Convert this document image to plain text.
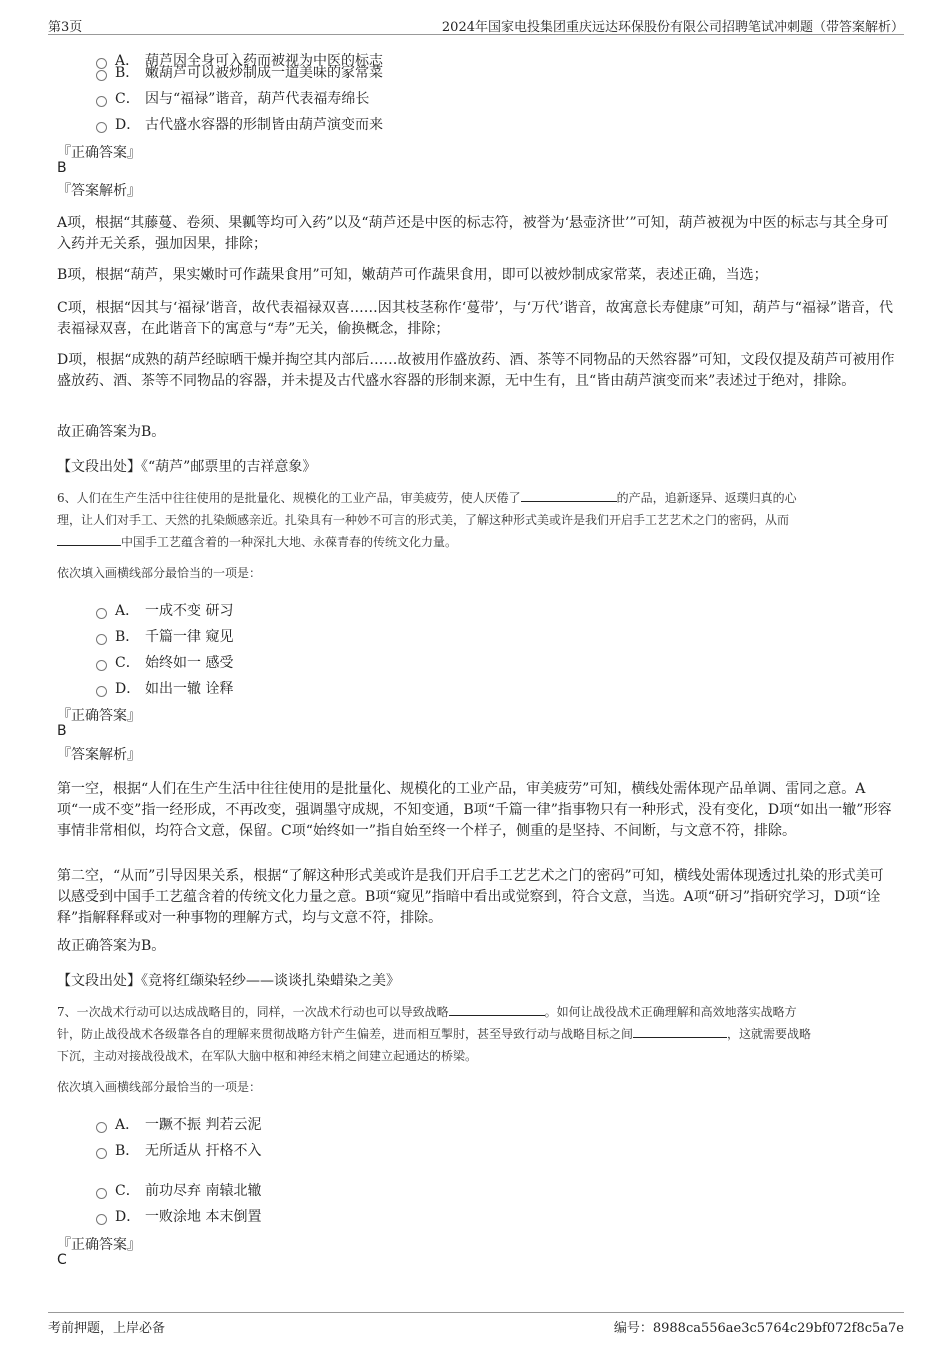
第3页	2024年国家电投集团重庆远达环保股份有限公司招聘笔试冲刺题（带答案解析）
A． 葫芦因全身可入药而被视为中医的标志
B． 嫩葫芦可以被炒制成一道美味的家常菜
C． 因与“福禄”谐音，葫芦代表福寿绵长
D． 古代盛水容器的形制皆由葫芦演变而来
『正确答案』
B
『答案解析』
A项，根据“其藤蔓、卷须、果瓤等均可入药”以及“葫芦还是中医的标志符，被誉为‘悬壶济世’”可知，葫芦被视为中医的标志与其全身可入药并无关系，强加因果，排除；
B项，根据“葫芦，果实嫩时可作蔬果食用”可知，嫩葫芦可作蔬果食用，即可以被炒制成家常菜，表述正确，当选；
C项，根据“因其与‘福禄’谐音，故代表福禄双喜……因其枝茎称作‘蔓带’，与‘万代’谐音，故寓意长寿健康”可知，葫芦与“福禄”谐音，代表福禄双喜，在此谐音下的寓意与“寿”无关，偷换概念，排除；
D项，根据“成熟的葫芦经晾晒干燥并掏空其内部后……故被用作盛放药、酒、茶等不同物品的天然容器”可知，文段仅提及葫芦可被用作盛放药、酒、茶等不同物品的容器，并未提及古代盛水容器的形制来源，无中生有，且“皆由葫芦演变而来”表述过于绝对，排除。
故正确答案为B。
【文段出处】《“葫芦”邮票里的吉祥意象》
6、人们在生产生活中往往使用的是批量化、规模化的工业产品，审美疲劳，使人厌倦了	的产品，追新逐异、返璞归真的心
理，让人们对手工、天然的扎染颇感亲近。扎染具有一种妙不可言的形式美，了解这种形式美或许是我们开启手工艺艺术之门的密码，从而
中国手工艺蕴含着的一种深扎大地、永葆青春的传统文化力量。
依次填入画横线部分最恰当的一项是：
A． 一成不变 研习
B． 千篇一律 窥见
C． 始终如一 感受
D． 如出一辙 诠释
『正确答案』
B
『答案解析』
第一空，根据“人们在生产生活中往往使用的是批量化、规模化的工业产品，审美疲劳”可知，横线处需体现产品单调、雷同之意。A项“一成不变”指一经形成，不再改变，强调墨守成规，不知变通，B项“千篇一律”指事物只有一种形式，没有变化，D项“如出一辙”形容事情非常相似，均符合文意，保留。C项“始终如一”指自始至终一个样子，侧重的是坚持、不间断，与文意不符，排除。
第二空，“从而”引导因果关系，根据“了解这种形式美或许是我们开启手工艺艺术之门的密码”可知，横线处需体现透过扎染的形式美可以感受到中国手工艺蕴含着的传统文化力量之意。B项“窥见”指暗中看出或觉察到，符合文意，当选。A项“研习”指研究学习，D项“诠释”指解释释或对一种事物的理解方式，均与文意不符，排除。
故正确答案为B。
【文段出处】《竞将红缬染轻纱——谈谈扎染蜡染之美》
7、一次战术行动可以达成战略目的，同样，一次战术行动也可以导致战略	。如何让战役战术正确理解和高效地落实战略方
针，防止战役战术各级靠各自的理解来贯彻战略方针产生偏差，进而相互掣肘，甚至导致行动与战略目标之间	，这就需要战略
下沉，主动对接战役战术，在军队大脑中枢和神经末梢之间建立起通达的桥梁。
依次填入画横线部分最恰当的一项是：
A． 一蹶不振 判若云泥
B． 无所适从 扞格不入
C． 前功尽弃 南辕北辙
D． 一败涂地 本末倒置
『正确答案』
C
考前押题，上岸必备	编号：8988ca556ae3c5764c29bf072f8c5a7e
